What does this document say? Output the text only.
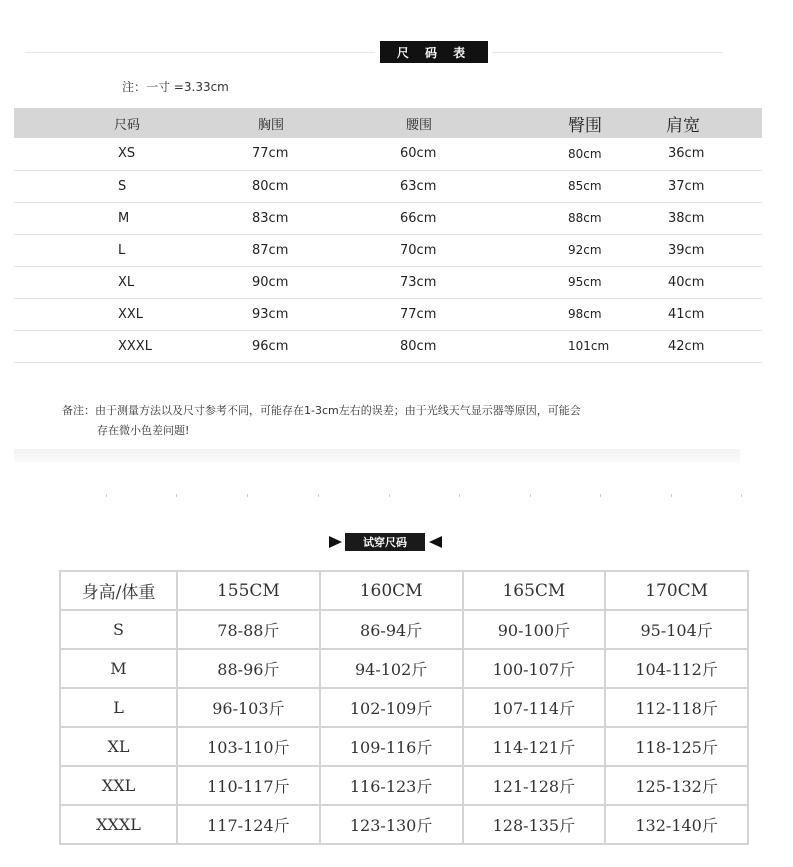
尺 码 表
注：一寸 =3.33cm
尺码	胸围	腰围	臀围	肩宽
XS	77cm	60cm	80cm	36cm
S	80cm	63cm	85cm	37cm
M	83cm	66cm	88cm	38cm
L	87cm	70cm	92cm	39cm
XL	90cm	73cm	95cm	40cm
XXL	93cm	77cm	98cm	41cm
XXXL	96cm	80cm	101cm	42cm
备注：由于测量方法以及尺寸参考不同，可能存在1-3cm左右的误差；由于光线天气显示器等原因，可能会
存在微小色差问题!
试穿尺码
身高/体重	155CM	160CM	165CM	170CM
S	78-88斤	86-94斤	90-100斤	95-104斤
M	88-96斤	94-102斤	100-107斤	104-112斤
L	96-103斤	102-109斤	107-114斤	112-118斤
XL	103-110斤	109-116斤	114-121斤	118-125斤
XXL	110-117斤	116-123斤	121-128斤	125-132斤
XXXL	117-124斤	123-130斤	128-135斤	132-140斤
